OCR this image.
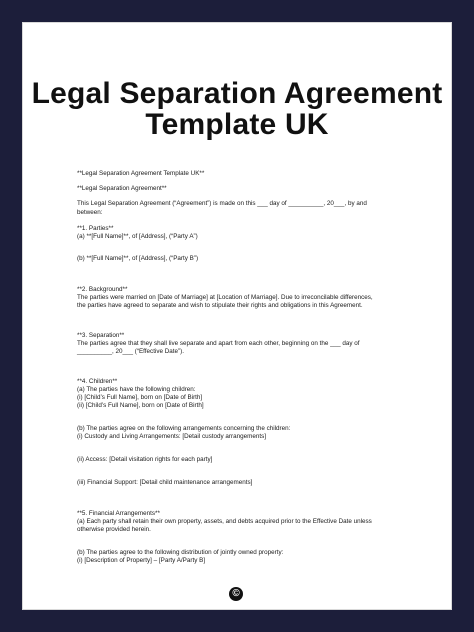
Legal Separation Agreement
Template UK
**Legal Separation Agreement Template UK**
**Legal Separation Agreement**
This Legal Separation Agreement (“Agreement”) is made on this ___ day of __________, 20___, by and
between:
**1. Parties**
(a) **[Full Name]**, of [Address], (“Party A”)
(b) **[Full Name]**, of [Address], (“Party B”)
**2. Background**
The parties were married on [Date of Marriage] at [Location of Marriage]. Due to irreconcilable differences,
the parties have agreed to separate and wish to stipulate their rights and obligations in this Agreement.
**3. Separation**
The parties agree that they shall live separate and apart from each other, beginning on the ___ day of
__________, 20___ (“Effective Date”).
**4. Children**
(a) The parties have the following children:
(i) [Child’s Full Name], born on [Date of Birth]
(ii) [Child’s Full Name], born on [Date of Birth]
(b) The parties agree on the following arrangements concerning the children:
(i) Custody and Living Arrangements: [Detail custody arrangements]
(ii) Access: [Detail visitation rights for each party]
(iii) Financial Support: [Detail child maintenance arrangements]
**5. Financial Arrangements**
(a) Each party shall retain their own property, assets, and debts acquired prior to the Effective Date unless
otherwise provided herein.
(b) The parties agree to the following distribution of jointly owned property:
(i) [Description of Property] – [Party A/Party B]
©
